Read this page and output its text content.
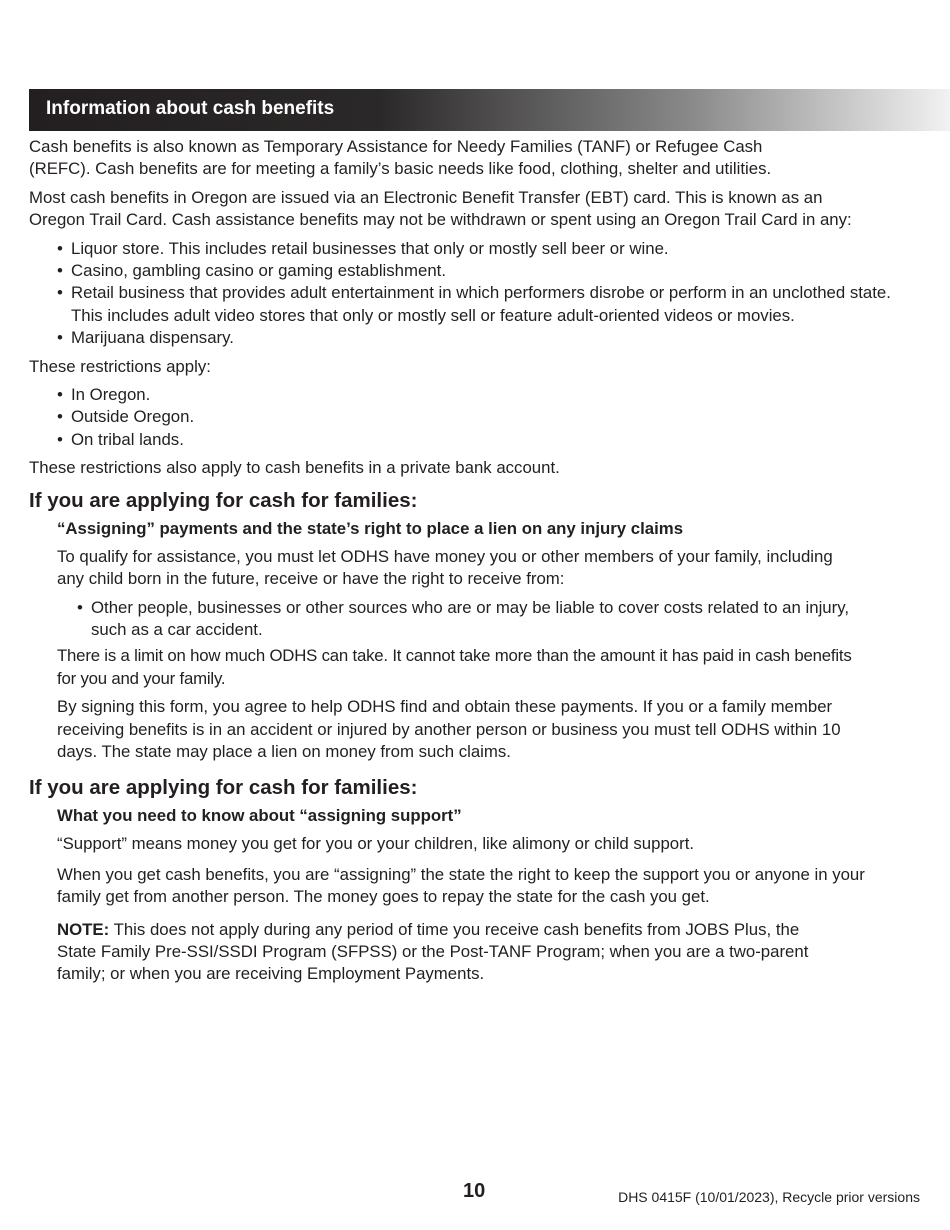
Information about cash benefits

Cash benefits is also known as Temporary Assistance for Needy Families (TANF) or Refugee Cash (REFC). Cash benefits are for meeting a family’s basic needs like food, clothing, shelter and utilities.

Most cash benefits in Oregon are issued via an Electronic Benefit Transfer (EBT) card. This is known as an Oregon Trail Card. Cash assistance benefits may not be withdrawn or spent using an Oregon Trail Card in any:

• Liquor store. This includes retail businesses that only or mostly sell beer or wine.
• Casino, gambling casino or gaming establishment.
• Retail business that provides adult entertainment in which performers disrobe or perform in an unclothed state. This includes adult video stores that only or mostly sell or feature adult-oriented videos or movies.
• Marijuana dispensary.

These restrictions apply:

• In Oregon.
• Outside Oregon.
• On tribal lands.

These restrictions also apply to cash benefits in a private bank account.

If you are applying for cash for families:
“Assigning” payments and the state’s right to place a lien on any injury claims

To qualify for assistance, you must let ODHS have money you or other members of your family, including any child born in the future, receive or have the right to receive from:

• Other people, businesses or other sources who are or may be liable to cover costs related to an injury, such as a car accident.

There is a limit on how much ODHS can take. It cannot take more than the amount it has paid in cash benefits for you and your family.

By signing this form, you agree to help ODHS find and obtain these payments. If you or a family member receiving benefits is in an accident or injured by another person or business you must tell ODHS within 10 days. The state may place a lien on money from such claims.

If you are applying for cash for families:
What you need to know about “assigning support”

“Support” means money you get for you or your children, like alimony or child support.

When you get cash benefits, you are “assigning” the state the right to keep the support you or anyone in your family get from another person. The money goes to repay the state for the cash you get.

NOTE: This does not apply during any period of time you receive cash benefits from JOBS Plus, the State Family Pre-SSI/SSDI Program (SFPSS) or the Post-TANF Program; when you are a two-parent family; or when you are receiving Employment Payments.

10	DHS 0415F (10/01/2023), Recycle prior versions
